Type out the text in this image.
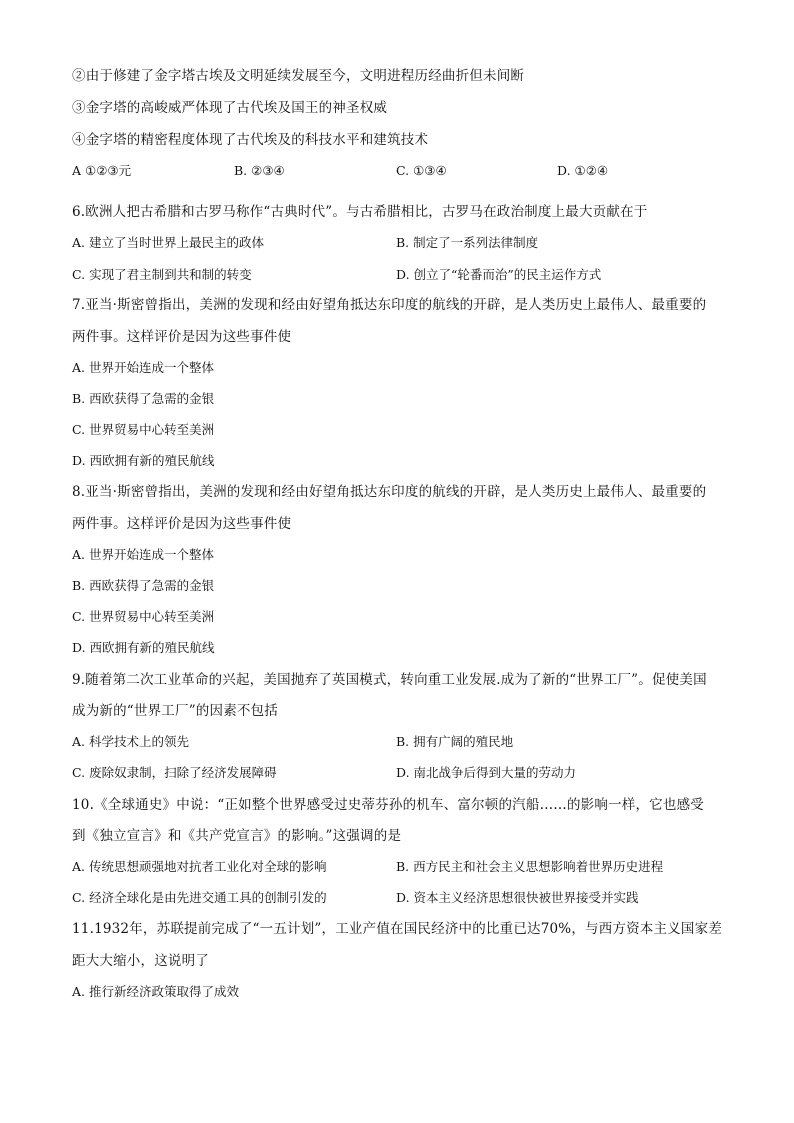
②由于修建了金字塔古埃及文明延续发展至今，文明进程历经曲折但未间断
③金字塔的高峻威严体现了古代埃及国王的神圣权威
④金字塔的精密程度体现了古代埃及的科技水平和建筑技术
A ①②③元	B. ②③④	C. ①③④	D. ①②④
6.欧洲人把古希腊和古罗马称作“古典时代”。与古希腊相比，古罗马在政治制度上最大贡献在于
A. 建立了当时世界上最民主的政体	B. 制定了一系列法律制度
C. 实现了君主制到共和制的转变	D. 创立了“轮番而治”的民主运作方式
7.亚当·斯密曾指出，美洲的发现和经由好望角抵达东印度的航线的开辟，是人类历史上最伟人、最重要的
两件事。这样评价是因为这些事件使
A. 世界开始连成一个整体
B. 西欧获得了急需的金银
C. 世界贸易中心转至美洲
D. 西欧拥有新的殖民航线
8.亚当·斯密曾指出，美洲的发现和经由好望角抵达东印度的航线的开辟，是人类历史上最伟人、最重要的
两件事。这样评价是因为这些事件使
A. 世界开始连成一个整体
B. 西欧获得了急需的金银
C. 世界贸易中心转至美洲
D. 西欧拥有新的殖民航线
9.随着第二次工业革命的兴起，美国抛弃了英国模式，转向重工业发展.成为了新的“世界工厂”。促使美国
成为新的“世界工厂”的因素不包括
A. 科学技术上的领先	B. 拥有广阔的殖民地
C. 废除奴隶制，扫除了经济发展障碍	D. 南北战争后得到大量的劳动力
10.《全球通史》中说：“正如整个世界感受过史蒂芬孙的机车、富尔顿的汽船……的影响一样，它也感受
到《独立宣言》和《共产党宣言》的影响。”这强调的是
A. 传统思想顽强地对抗者工业化对全球的影响	B. 西方民主和社会主义思想影响着世界历史进程
C. 经济全球化是由先进交通工具的创制引发的	D. 资本主义经济思想很快被世界接受并实践
11.1932年，苏联提前完成了“一五计划”，工业产值在国民经济中的比重已达70%，与西方资本主义国家差
距大大缩小，这说明了
A. 推行新经济政策取得了成效
